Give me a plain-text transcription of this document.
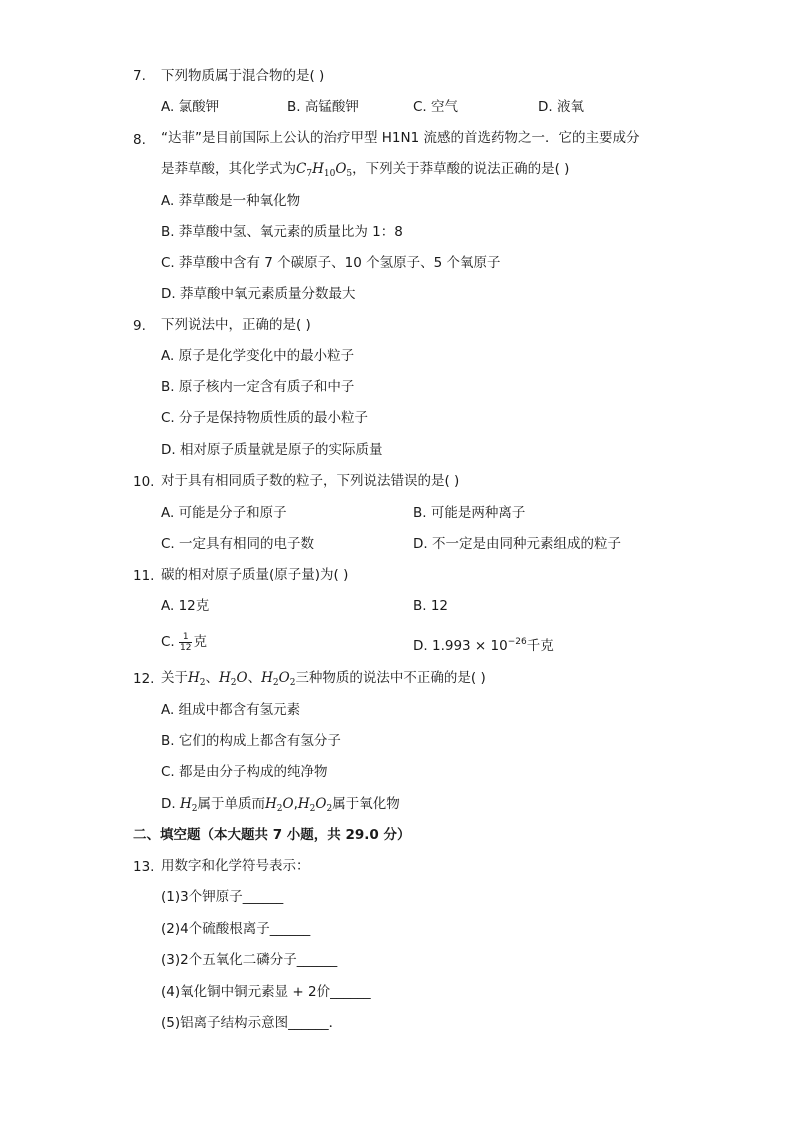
7. 下列物质属于混合物的是( )
A. 氯酸钾	B. 高锰酸钾	C. 空气	D. 液氧
8. “达菲”是目前国际上公认的治疗甲型 H1N1 流感的首选药物之一．它的主要成分
是莽草酸，其化学式为$C_7H_{10}O_5$，下列关于莽草酸的说法正确的是( )
A. 莽草酸是一种氧化物
B. 莽草酸中氢、氧元素的质量比为 1：8
C. 莽草酸中含有 7 个碳原子、10 个氢原子、5 个氧原子
D. 莽草酸中氧元素质量分数最大
9. 下列说法中，正确的是( )
A. 原子是化学变化中的最小粒子
B. 原子核内一定含有质子和中子
C. 分子是保持物质性质的最小粒子
D. 相对原子质量就是原子的实际质量
10. 对于具有相同质子数的粒子，下列说法错误的是( )
A. 可能是分子和原子	B. 可能是两种离子
C. 一定具有相同的电子数	D. 不一定是由同种元素组成的粒子
11. 碳的相对原子质量(原子量)为( )
A. 12克	B. 12
C. $\frac{1}{12}$ 克	D. $1.993 \times 10^{-26}$千克
12. 关于$H_2$、$H_2O$、$H_2O_2$三种物质的说法中不正确的是( )
A. 组成中都含有氢元素
B. 它们的构成上都含有氢分子
C. 都是由分子构成的纯净物
D. $H_2$属于单质而$H_2O,H_2O_2$属于氧化物
二、填空题（本大题共 7 小题，共 29.0 分）
13. 用数字和化学符号表示：
(1)3个钾原子______
(2)4个硫酸根离子______
(3)2个五氧化二磷分子______
(4)氧化铜中铜元素显 + 2价______
(5)铝离子结构示意图______．
